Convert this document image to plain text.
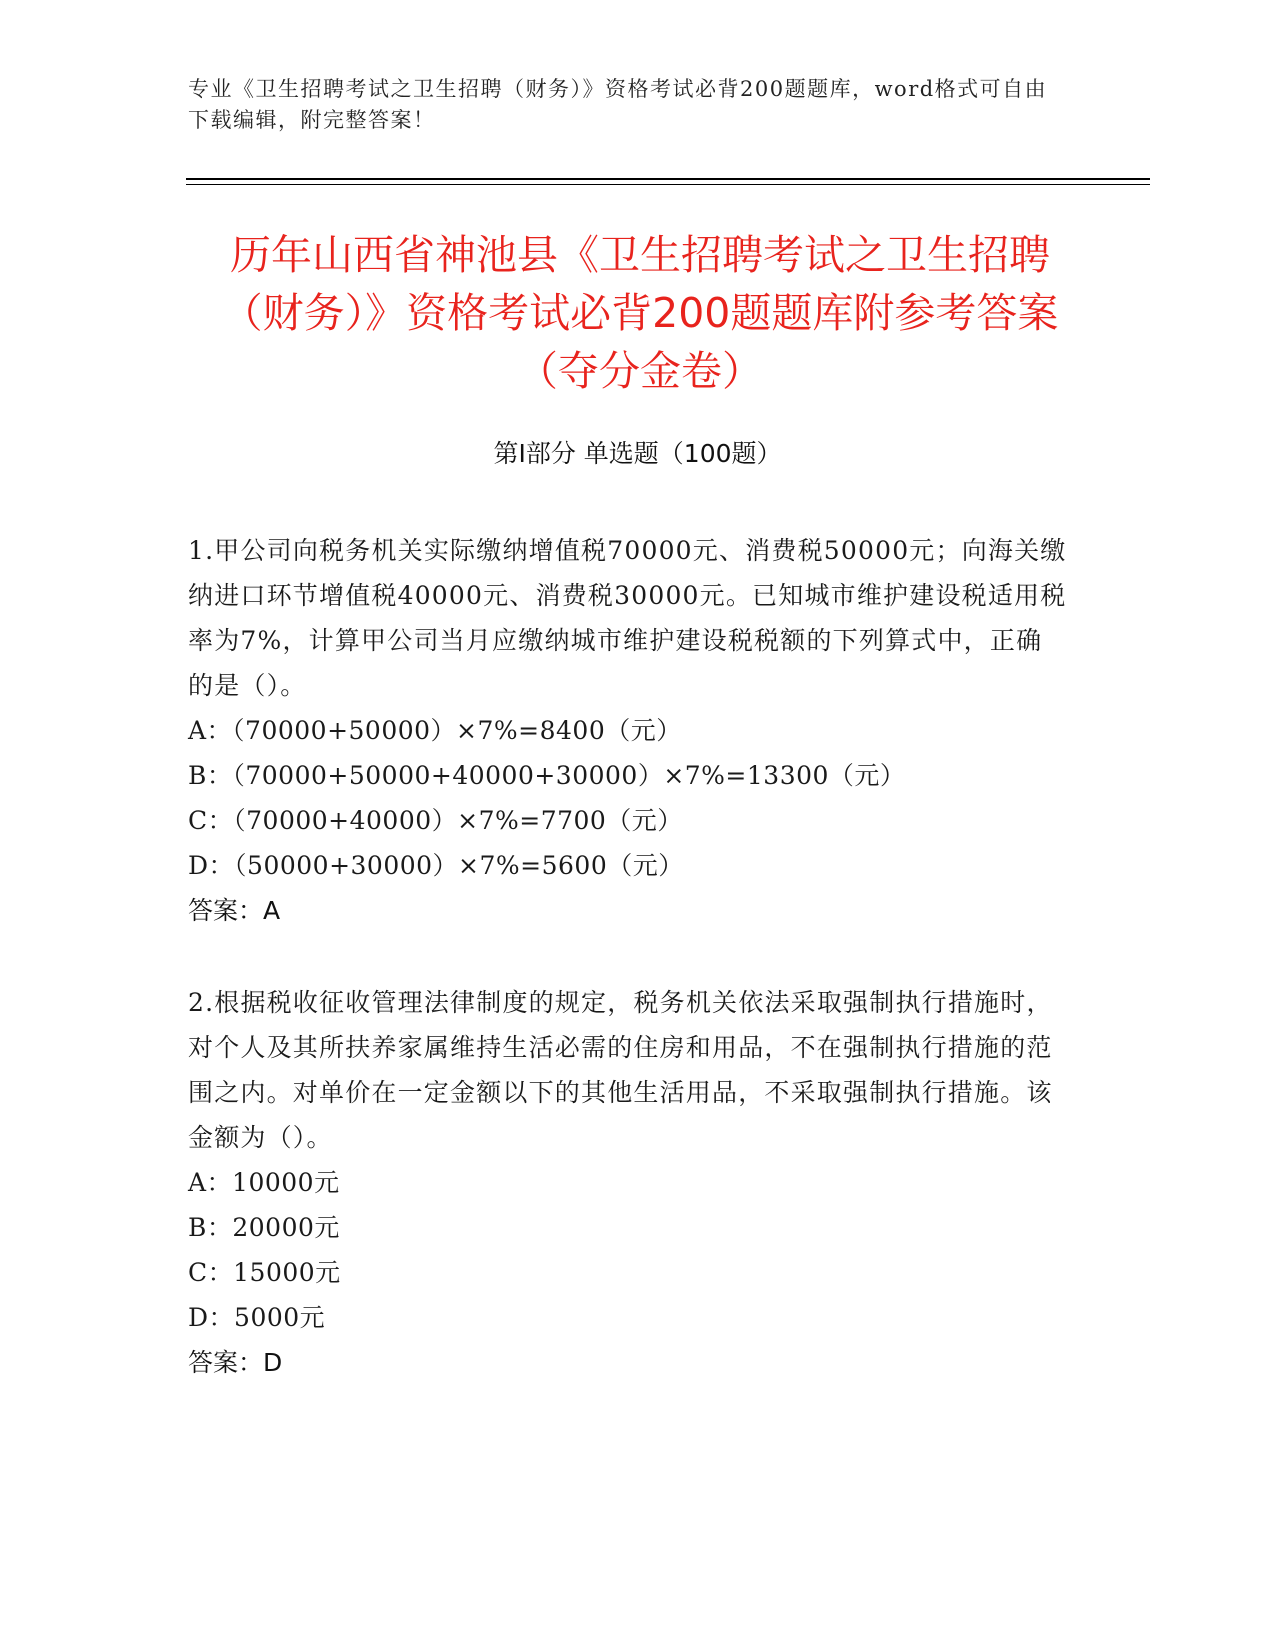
专业《卫生招聘考试之卫生招聘（财务）》资格考试必背200题题库，word格式可自由下载编辑，附完整答案！
历年山西省神池县《卫生招聘考试之卫生招聘（财务）》资格考试必背200题题库附参考答案（夺分金卷）
第Ⅰ部分 单选题（100题）

1.甲公司向税务机关实际缴纳增值税70000元、消费税50000元；向海关缴纳进口环节增值税40000元、消费税30000元。已知城市维护建设税适用税率为7%，计算甲公司当月应缴纳城市维护建设税税额的下列算式中，正确的是（）。

A：（70000+50000）×7%=8400（元）

B：（70000+50000+40000+30000）×7%=13300（元）

C：（70000+40000）×7%=7700（元）

D：（50000+30000）×7%=5600（元）

答案：A

2.根据税收征收管理法律制度的规定，税务机关依法采取强制执行措施时，对个人及其所扶养家属维持生活必需的住房和用品，不在强制执行措施的范围之内。对单价在一定金额以下的其他生活用品，不采取强制执行措施。该金额为（）。

A：10000元

B：20000元

C：15000元

D：5000元

答案：D
